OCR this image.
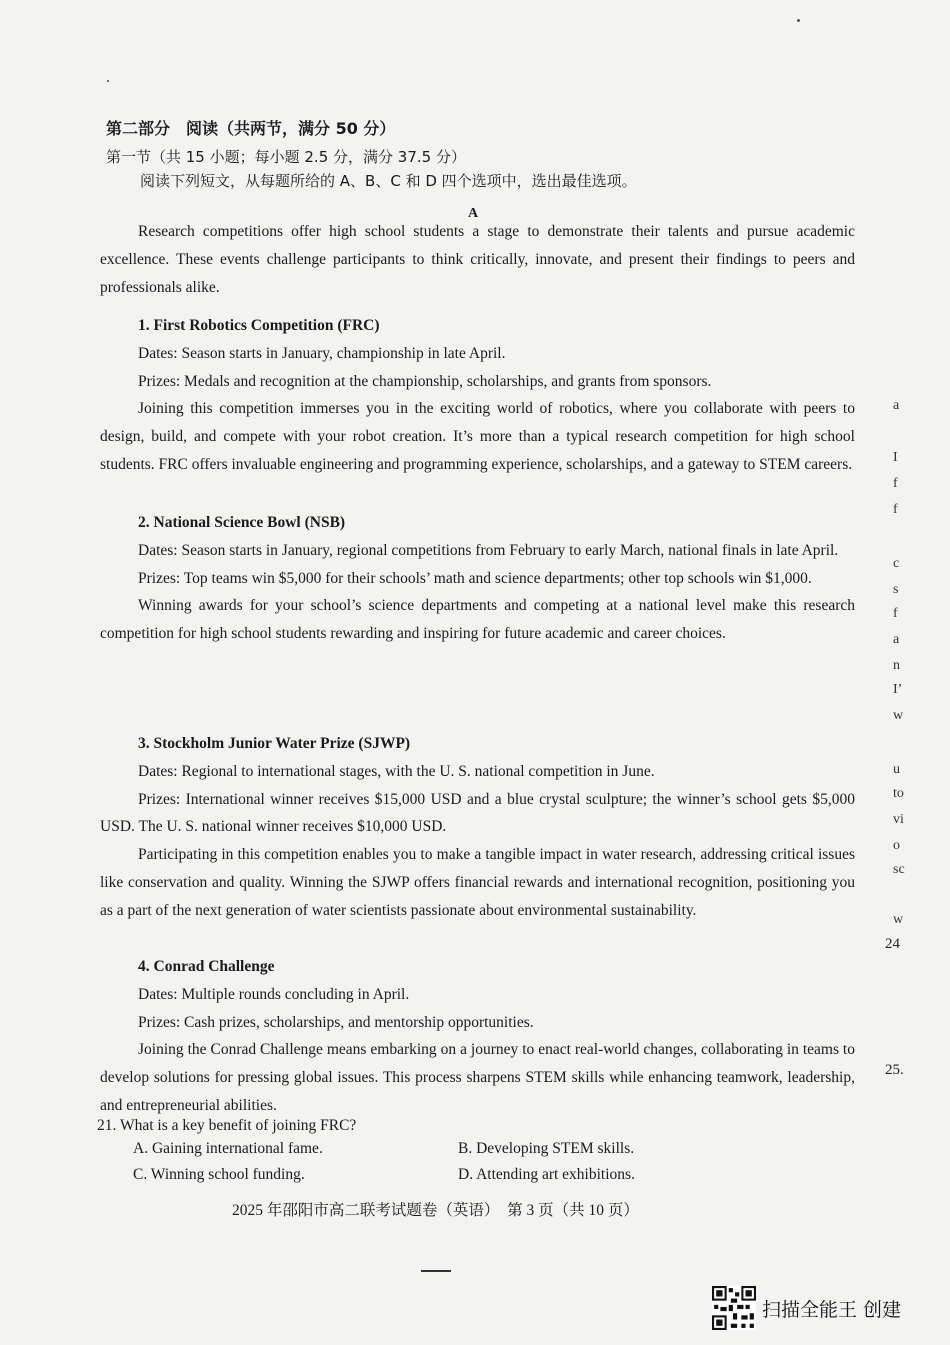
第二部分　阅读（共两节，满分 50 分）
第一节（共 15 小题；每小题 2.5 分，满分 37.5 分）
阅读下列短文，从每题所给的 A、B、C 和 D 四个选项中，选出最佳选项。
A
Research competitions offer high school students a stage to demonstrate their talents and pursue academic excellence. These events challenge participants to think critically, innovate, and present their findings to peers and professionals alike.
1. First Robotics Competition (FRC)
Dates: Season starts in January, championship in late April.
Prizes: Medals and recognition at the championship, scholarships, and grants from sponsors.
Joining this competition immerses you in the exciting world of robotics, where you collaborate with peers to design, build, and compete with your robot creation. It’s more than a typical research competition for high school students. FRC offers invaluable engineering and programming experience, scholarships, and a gateway to STEM careers.
2. National Science Bowl (NSB)
Dates: Season starts in January, regional competitions from February to early March, national finals in late April.
Prizes: Top teams win $5,000 for their schools’ math and science departments; other top schools win $1,000.
Winning awards for your school’s science departments and competing at a national level make this research competition for high school students rewarding and inspiring for future academic and career choices.
3. Stockholm Junior Water Prize (SJWP)
Dates: Regional to international stages, with the U. S. national competition in June.
Prizes: International winner receives $15,000 USD and a blue crystal sculpture; the winner’s school gets $5,000 USD. The U. S. national winner receives $10,000 USD.
Participating in this competition enables you to make a tangible impact in water research, addressing critical issues like conservation and quality. Winning the SJWP offers financial rewards and international recognition, positioning you as a part of the next generation of water scientists passionate about environmental sustainability.
4. Conrad Challenge
Dates: Multiple rounds concluding in April.
Prizes: Cash prizes, scholarships, and mentorship opportunities.
Joining the Conrad Challenge means embarking on a journey to enact real-world changes, collaborating in teams to develop solutions for pressing global issues. This process sharpens STEM skills while enhancing teamwork, leadership, and entrepreneurial abilities.
21. What is a key benefit of joining FRC?
A. Gaining international fame.	B. Developing STEM skills.
C. Winning school funding.	D. Attending art exhibitions.
2025 年邵阳市高二联考试题卷（英语）　第 3 页（共 10 页）
a
I
f
f
c
s
f
a
n
I’
w
u
to
vi
o
sc
w
24
25.
扫描全能王 创建
